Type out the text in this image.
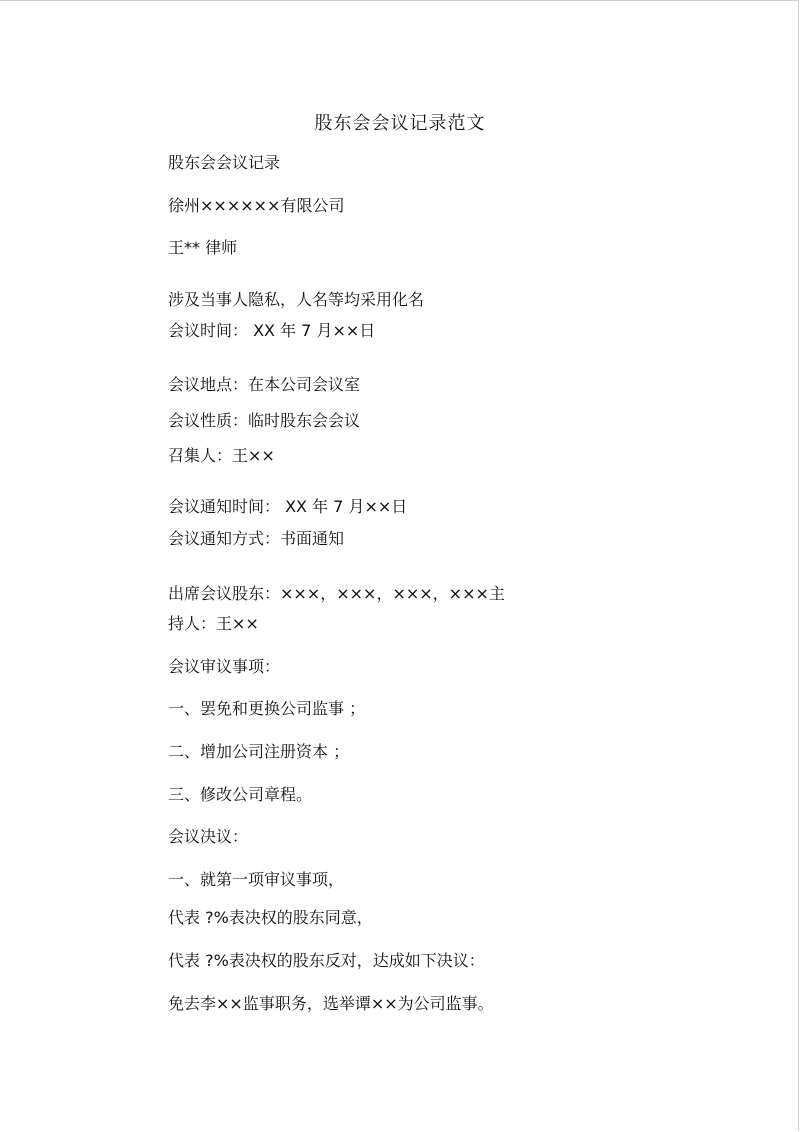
股东会会议记录范文
股东会会议记录
徐州××××××有限公司
王** 律师
涉及当事人隐私，人名等均采用化名
会议时间： XX 年 7 月××日
会议地点：在本公司会议室
会议性质：临时股东会会议
召集人：王××
会议通知时间： XX 年 7 月××日
会议通知方式：书面通知
出席会议股东：×××，×××，×××，×××主
持人：王××
会议审议事项：
一、罢免和更换公司监事 ；
二、增加公司注册资本 ；
三、修改公司章程。
会议决议：
一、就第一项审议事项，
代表 ?%表决权的股东同意，
代表 ?%表决权的股东反对，达成如下决议：
免去李××监事职务，选举谭××为公司监事。
